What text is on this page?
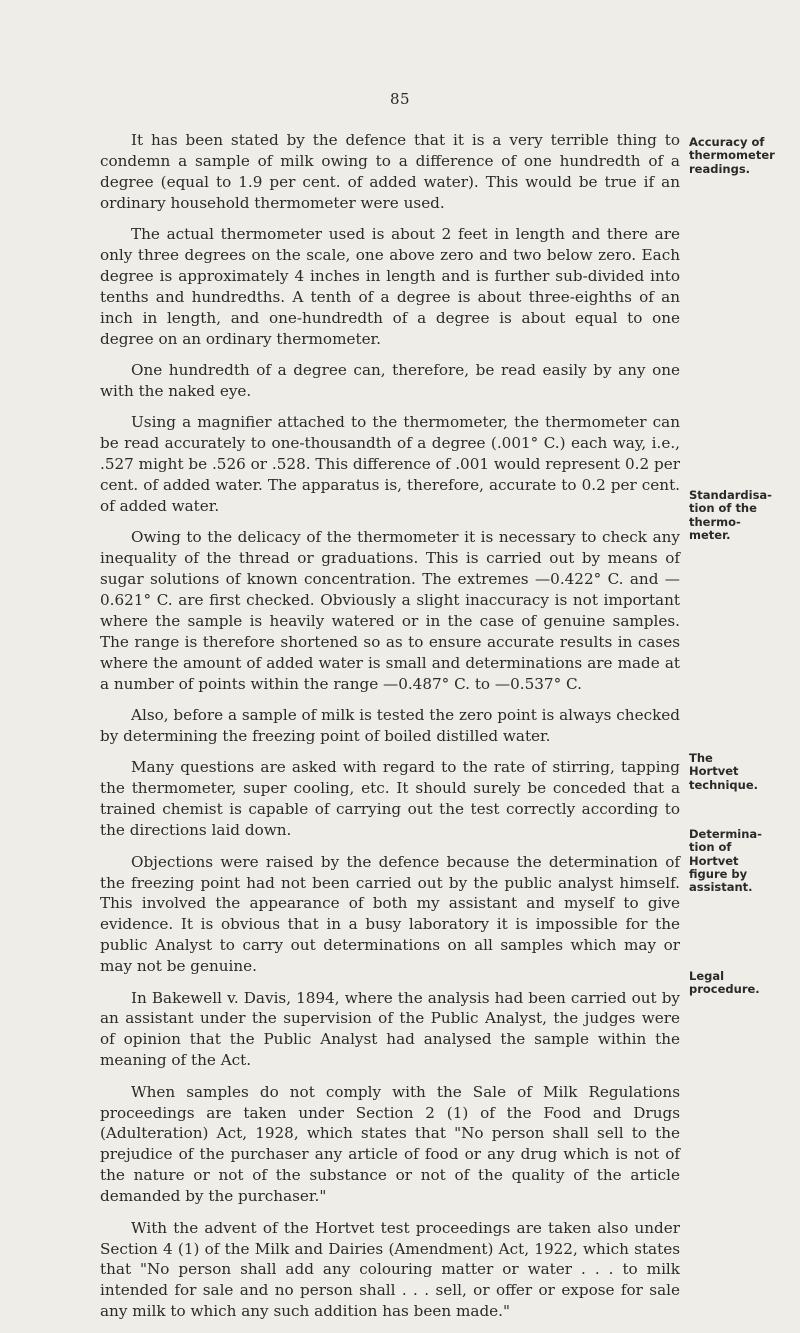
85

It has been stated by the defence that it is a very terrible thing to condemn a sample of milk owing to a difference of one hundredth of a degree (equal to 1.9 per cent. of added water). This would be true if an ordinary household thermometer were used.

The actual thermometer used is about 2 feet in length and there are only three degrees on the scale, one above zero and two below zero. Each degree is approximately 4 inches in length and is further sub-divided into tenths and hundredths. A tenth of a degree is about three-eighths of an inch in length, and one-hundredth of a degree is about equal to one degree on an ordinary thermometer.

One hundredth of a degree can, therefore, be read easily by any one with the naked eye.

Using a magnifier attached to the thermometer, the thermometer can be read accurately to one-thousandth of a degree (.001° C.) each way, i.e., .527 might be .526 or .528. This difference of .001 would represent 0.2 per cent. of added water. The apparatus is, therefore, accurate to 0.2 per cent. of added water.

Owing to the delicacy of the thermometer it is necessary to check any inequality of the thread or graduations. This is carried out by means of sugar solutions of known concentration. The extremes —0.422° C. and —0.621° C. are first checked. Obviously a slight inaccuracy is not important where the sample is heavily watered or in the case of genuine samples. The range is therefore shortened so as to ensure accurate results in cases where the amount of added water is small and determinations are made at a number of points within the range —0.487° C. to —0.537° C.

Also, before a sample of milk is tested the zero point is always checked by determining the freezing point of boiled distilled water.

Many questions are asked with regard to the rate of stirring, tapping the thermometer, super cooling, etc. It should surely be conceded that a trained chemist is capable of carrying out the test correctly according to the directions laid down.

Objections were raised by the defence because the determination of the freezing point had not been carried out by the public analyst himself. This involved the appearance of both my assistant and myself to give evidence. It is obvious that in a busy laboratory it is impossible for the public Analyst to carry out determinations on all samples which may or may not be genuine.

In Bakewell v. Davis, 1894, where the analysis had been carried out by an assistant under the supervision of the Public Analyst, the judges were of opinion that the Public Analyst had analysed the sample within the meaning of the Act.

When samples do not comply with the Sale of Milk Regulations proceedings are taken under Section 2 (1) of the Food and Drugs (Adulteration) Act, 1928, which states that "No person shall sell to the prejudice of the purchaser any article of food or any drug which is not of the nature or not of the substance or not of the quality of the article demanded by the purchaser."

With the advent of the Hortvet test proceedings are taken also under Section 4 (1) of the Milk and Dairies (Amendment) Act, 1922, which states that "No person shall add any colouring matter or water . . . to milk intended for sale and no person shall . . . sell, or offer or expose for sale any milk to which any such addition has been made."

Accuracy of
thermometer
readings.
Standardisa-
tion of the
thermo-
meter.
The
Hortvet
technique.
Determina-
tion of
Hortvet
figure by
assistant.
Legal
procedure.
